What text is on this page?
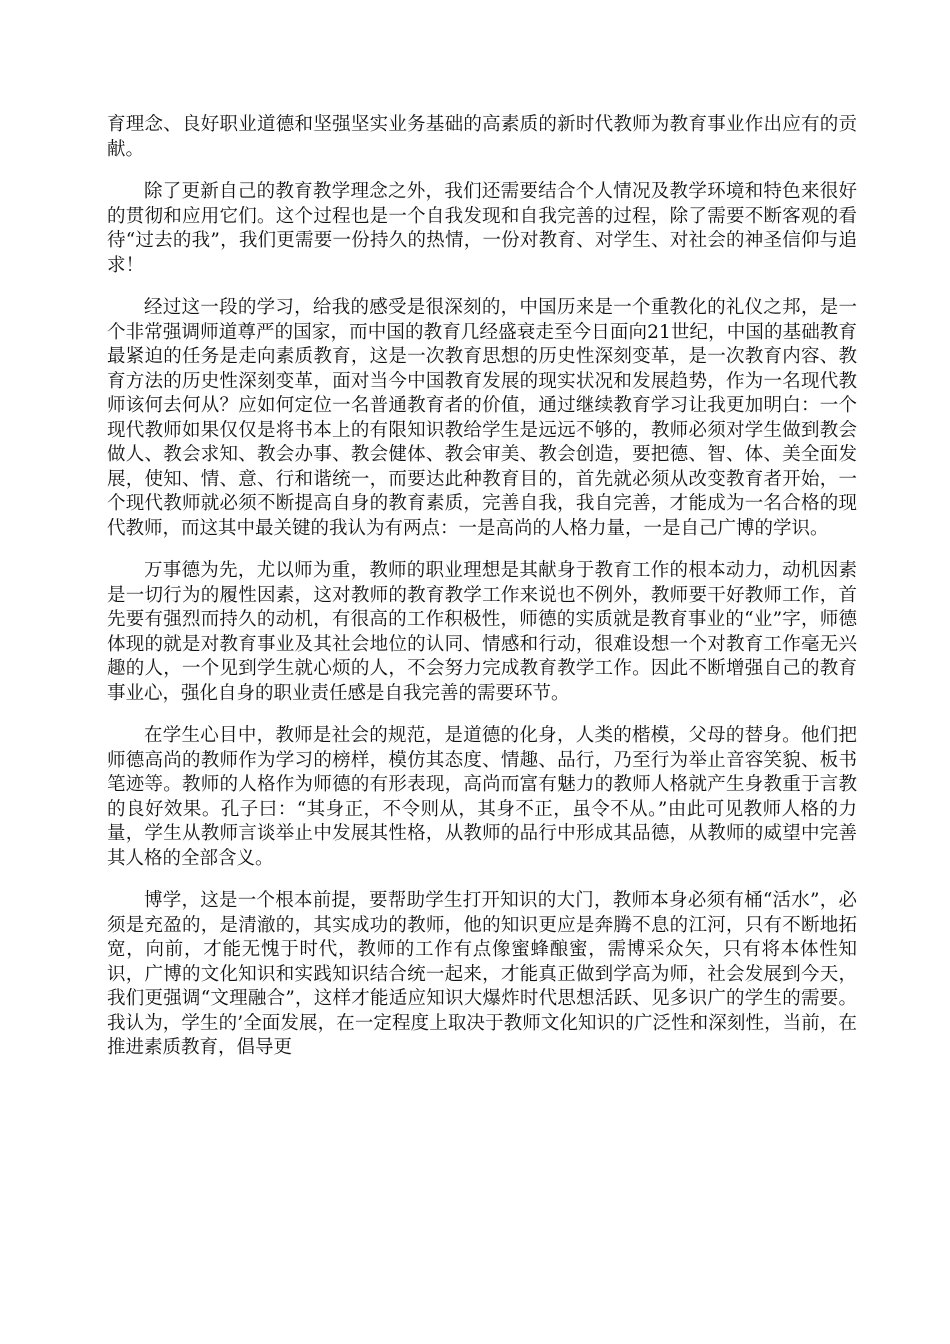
育理念、良好职业道德和坚强坚实业务基础的高素质的新时代教师为教育事业作出应有的贡献。

除了更新自己的教育教学理念之外，我们还需要结合个人情况及教学环境和特色来很好的贯彻和应用它们。这个过程也是一个自我发现和自我完善的过程，除了需要不断客观的看待“过去的我”，我们更需要一份持久的热情，一份对教育、对学生、对社会的神圣信仰与追求！

经过这一段的学习，给我的感受是很深刻的，中国历来是一个重教化的礼仪之邦，是一个非常强调师道尊严的国家，而中国的教育几经盛衰走至今日面向21世纪，中国的基础教育最紧迫的任务是走向素质教育，这是一次教育思想的历史性深刻变革，是一次教育内容、教育方法的历史性深刻变革，面对当今中国教育发展的现实状况和发展趋势，作为一名现代教师该何去何从？应如何定位一名普通教育者的价值，通过继续教育学习让我更加明白：一个现代教师如果仅仅是将书本上的有限知识教给学生是远远不够的，教师必须对学生做到教会做人、教会求知、教会办事、教会健体、教会审美、教会创造，要把德、智、体、美全面发展，使知、情、意、行和谐统一，而要达此种教育目的，首先就必须从改变教育者开始，一个现代教师就必须不断提高自身的教育素质，完善自我，我自完善，才能成为一名合格的现代教师，而这其中最关键的我认为有两点：一是高尚的人格力量，一是自己广博的学识。

万事德为先，尤以师为重，教师的职业理想是其献身于教育工作的根本动力，动机因素是一切行为的履性因素，这对教师的教育教学工作来说也不例外，教师要干好教师工作，首先要有强烈而持久的动机，有很高的工作积极性，师德的实质就是教育事业的“业”字，师德体现的就是对教育事业及其社会地位的认同、情感和行动，很难设想一个对教育工作毫无兴趣的人，一个见到学生就心烦的人，不会努力完成教育教学工作。因此不断增强自己的教育事业心，强化自身的职业责任感是自我完善的需要环节。

在学生心目中，教师是社会的规范，是道德的化身，人类的楷模，父母的替身。他们把师德高尚的教师作为学习的榜样，模仿其态度、情趣、品行，乃至行为举止音容笑貌、板书笔迹等。教师的人格作为师德的有形表现，高尚而富有魅力的教师人格就产生身教重于言教的良好效果。孔子曰：“其身正，不令则从，其身不正，虽令不从。”由此可见教师人格的力量，学生从教师言谈举止中发展其性格，从教师的品行中形成其品德，从教师的威望中完善其人格的全部含义。

博学，这是一个根本前提，要帮助学生打开知识的大门，教师本身必须有桶“活水”，必须是充盈的，是清澈的，其实成功的教师，他的知识更应是奔腾不息的江河，只有不断地拓宽，向前，才能无愧于时代，教师的工作有点像蜜蜂酿蜜，需博采众矢，只有将本体性知识，广博的文化知识和实践知识结合统一起来，才能真正做到学高为师，社会发展到今天，我们更强调“文理融合”，这样才能适应知识大爆炸时代思想活跃、见多识广的学生的需要。我认为，学生的’全面发展，在一定程度上取决于教师文化知识的广泛性和深刻性，当前，在推进素质教育，倡导更
